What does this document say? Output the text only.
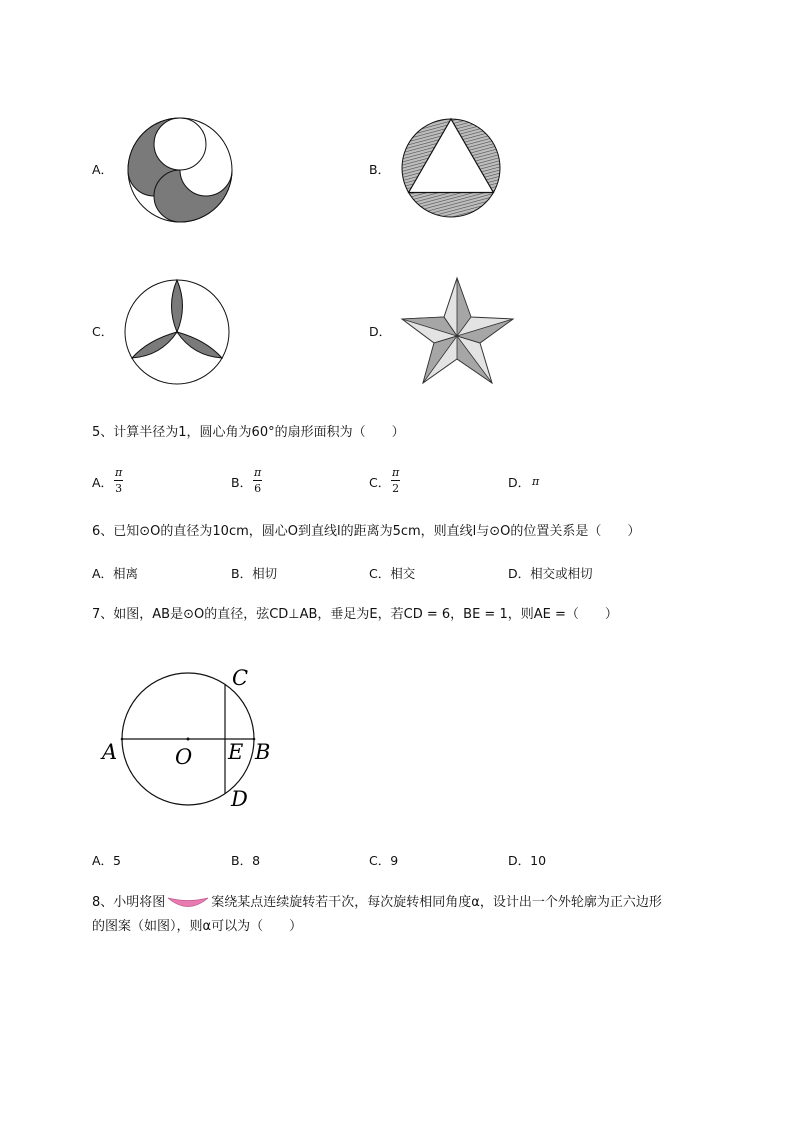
A．	B．
C．	D．
5、计算半径为1，圆心角为60°的扇形面积为（　　）
A． $\frac{\pi}{3}$	B． $\frac{\pi}{6}$	C． $\frac{\pi}{2}$	D． π
6、已知⊙O的直径为10cm，圆心O到直线l的距离为5cm，则直线l与⊙O的位置关系是（　　）
A．相离	B．相切	C．相交	D．相交或相切
7、如图，AB是⊙O的直径，弦CD⊥AB，垂足为E，若CD = 6，BE = 1，则AE =（　　）
A	O E B
C
D
A．5	B．8	C．9	D．10
8、小明将图	案绕某点连续旋转若干次，每次旋转相同角度α，设计出一个外轮廓为正六边形
的图案（如图），则α可以为（　　）
